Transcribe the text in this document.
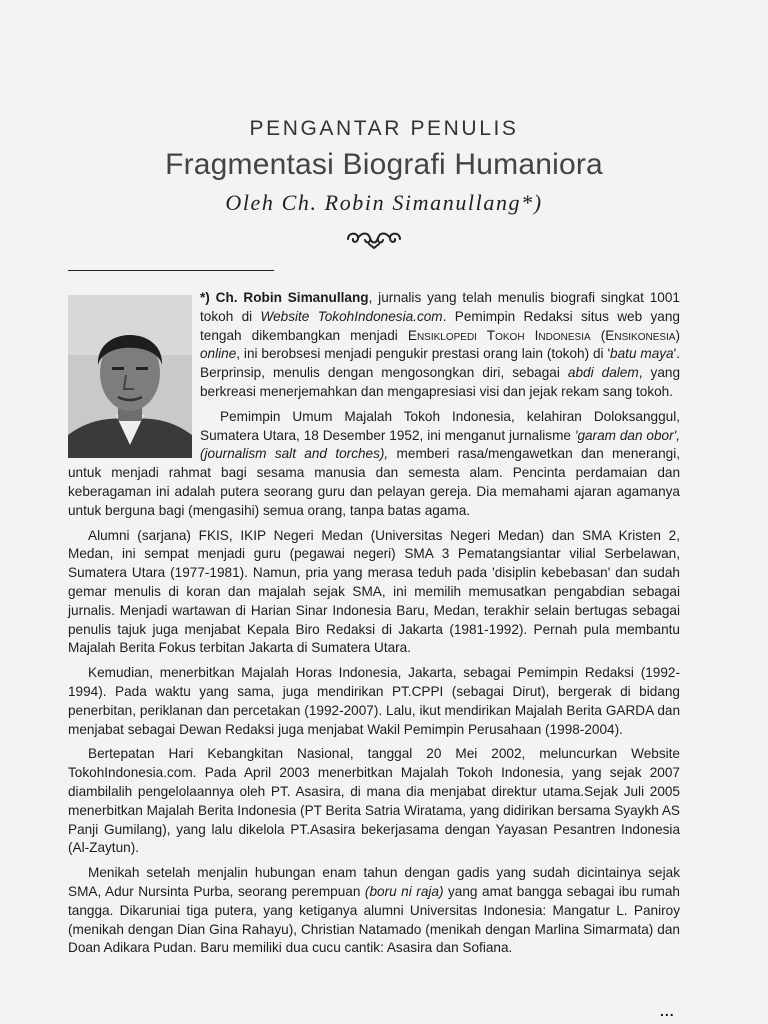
PENGANTAR PENULIS
Fragmentasi Biografi Humaniora
Oleh Ch. Robin Simanullang*)

*) Ch. Robin Simanullang, jurnalis yang telah menulis biografi singkat 1001 tokoh di Website TokohIndonesia.com. Pemimpin Redaksi situs web yang tengah dikembangkan menjadi Ensiklopedi Tokoh Indonesia (Ensikonesia) online, ini berobsesi menjadi pengukir prestasi orang lain (tokoh) di 'batu maya'. Berprinsip, menulis dengan mengosongkan diri, sebagai abdi dalem, yang berkreasi menerjemahkan dan mengapresiasi visi dan jejak rekam sang tokoh.

Pemimpin Umum Majalah Tokoh Indonesia, kelahiran Doloksanggul, Sumatera Utara, 18 Desember 1952, ini menganut jurnalisme 'garam dan obor', (journalism salt and torches), memberi rasa/mengawetkan dan menerangi, untuk menjadi rahmat bagi sesama manusia dan semesta alam. Pencinta perdamaian dan keberagaman ini adalah putera seorang guru dan pelayan gereja. Dia memahami ajaran agamanya untuk berguna bagi (mengasihi) semua orang, tanpa batas agama.

Alumni (sarjana) FKIS, IKIP Negeri Medan (Universitas Negeri Medan) dan SMA Kristen 2, Medan, ini sempat menjadi guru (pegawai negeri) SMA 3 Pematangsiantar vilial Serbelawan, Sumatera Utara (1977-1981). Namun, pria yang merasa teduh pada 'disiplin kebebasan' dan sudah gemar menulis di koran dan majalah sejak SMA, ini memilih memusatkan pengabdian sebagai jurnalis. Menjadi wartawan di Harian Sinar Indonesia Baru, Medan, terakhir selain bertugas sebagai penulis tajuk juga menjabat Kepala Biro Redaksi di Jakarta (1981-1992). Pernah pula membantu Majalah Berita Fokus terbitan Jakarta di Sumatera Utara.

Kemudian, menerbitkan Majalah Horas Indonesia, Jakarta, sebagai Pemimpin Redaksi (1992-1994). Pada waktu yang sama, juga mendirikan PT.CPPI (sebagai Dirut), bergerak di bidang penerbitan, periklanan dan percetakan (1992-2007). Lalu, ikut mendirikan Majalah Berita GARDA dan menjabat sebagai Dewan Redaksi juga menjabat Wakil Pemimpin Perusahaan (1998-2004).

Bertepatan Hari Kebangkitan Nasional, tanggal 20 Mei 2002, meluncurkan Website TokohIndonesia.com. Pada April 2003 menerbitkan Majalah Tokoh Indonesia, yang sejak 2007 diambilalih pengelolaannya oleh PT. Asasira, di mana dia menjabat direktur utama.Sejak Juli 2005 menerbitkan Majalah Berita Indonesia (PT Berita Satria Wiratama, yang didirikan bersama Syaykh AS Panji Gumilang), yang lalu dikelola PT.Asasira bekerjasama dengan Yayasan Pesantren Indonesia (Al-Zaytun).

Menikah setelah menjalin hubungan enam tahun dengan gadis yang sudah dicintainya sejak SMA, Adur Nursinta Purba, seorang perempuan (boru ni raja) yang amat bangga sebagai ibu rumah tangga. Dikaruniai tiga putera, yang ketiganya alumni Universitas Indonesia: Mangatur L. Paniroy (menikah dengan Dian Gina Rahayu), Christian Natamado (menikah dengan Marlina Simarmata) dan Doan Adikara Pudan. Baru memiliki dua cucu cantik: Asasira dan Sofiana.

...
